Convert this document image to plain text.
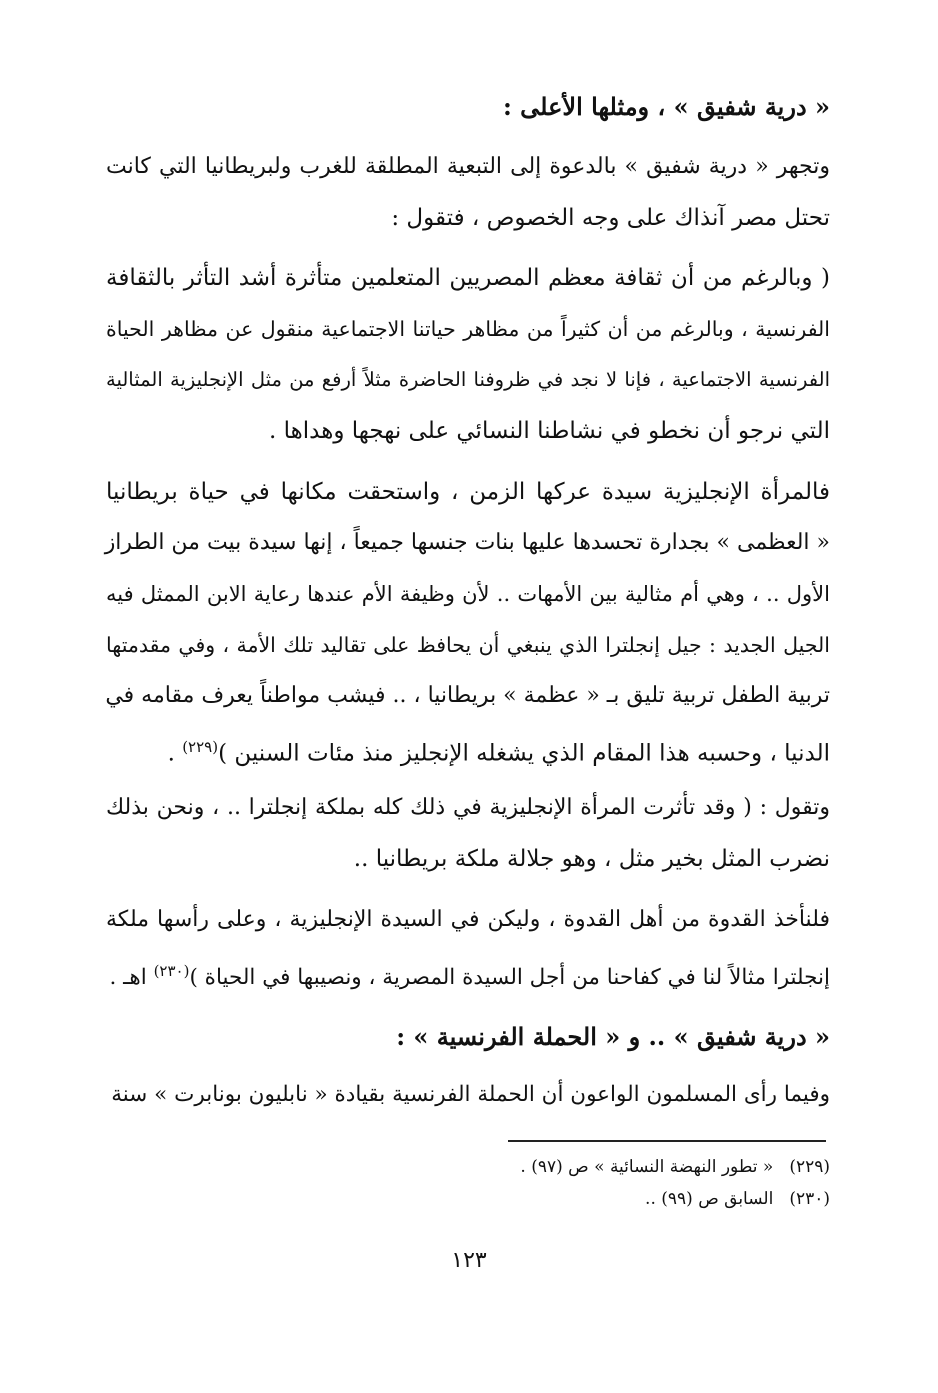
« درية شفيق » ، ومثلها الأعلى :
وتجهر « درية شفيق » بالدعوة إلى التبعية المطلقة للغرب ولبريطانيا التي كانت
تحتل مصر آنذاك على وجه الخصوص ، فتقول :
( وبالرغم من أن ثقافة معظم المصريين المتعلمين متأثرة أشد التأثر بالثقافة
الفرنسية ، وبالرغم من أن كثيراً من مظاهر حياتنا الاجتماعية منقول عن مظاهر الحياة
الفرنسية الاجتماعية ، فإنا لا نجد في ظروفنا الحاضرة مثلاً أرفع من مثل الإنجليزية المثالية
التي نرجو أن نخطو في نشاطنا النسائي على نهجها وهداها .
فالمرأة الإنجليزية سيدة عركها الزمن ، واستحقت مكانها في حياة بريطانيا
« العظمى » بجدارة تحسدها عليها بنات جنسها جميعاً ، إنها سيدة بيت من الطراز
الأول .. ، وهي أم مثالية بين الأمهات .. لأن وظيفة الأم عندها رعاية الابن الممثل فيه
الجيل الجديد : جيل إنجلترا الذي ينبغي أن يحافظ على تقاليد تلك الأمة ، وفي مقدمتها
تربية الطفل تربية تليق بـ « عظمة » بريطانيا ، .. فيشب مواطناً يعرف مقامه في
الدنيا ، وحسبه هذا المقام الذي يشغله الإنجليز منذ مئات السنين )$^{(٢٢٩)}$ .
وتقول : ( وقد تأثرت المرأة الإنجليزية في ذلك كله بملكة إنجلترا .. ، ونحن بذلك
نضرب المثل بخير مثل ، وهو جلالة ملكة بريطانيا ..
فلنأخذ القدوة من أهل القدوة ، وليكن في السيدة الإنجليزية ، وعلى رأسها ملكة
إنجلترا مثالاً لنا في كفاحنا من أجل السيدة المصرية ، ونصيبها في الحياة )$^{(٢٣٠)}$ اهـ .
« درية شفيق » .. و « الحملة الفرنسية » :
وفيما رأى المسلمون الواعون أن الحملة الفرنسية بقيادة « نابليون بونابرت » سنة
(٢٢٩)« تطور النهضة النسائية » ص (٩٧) .
(٢٣٠)السابق ص (٩٩) ..
١٢٣
